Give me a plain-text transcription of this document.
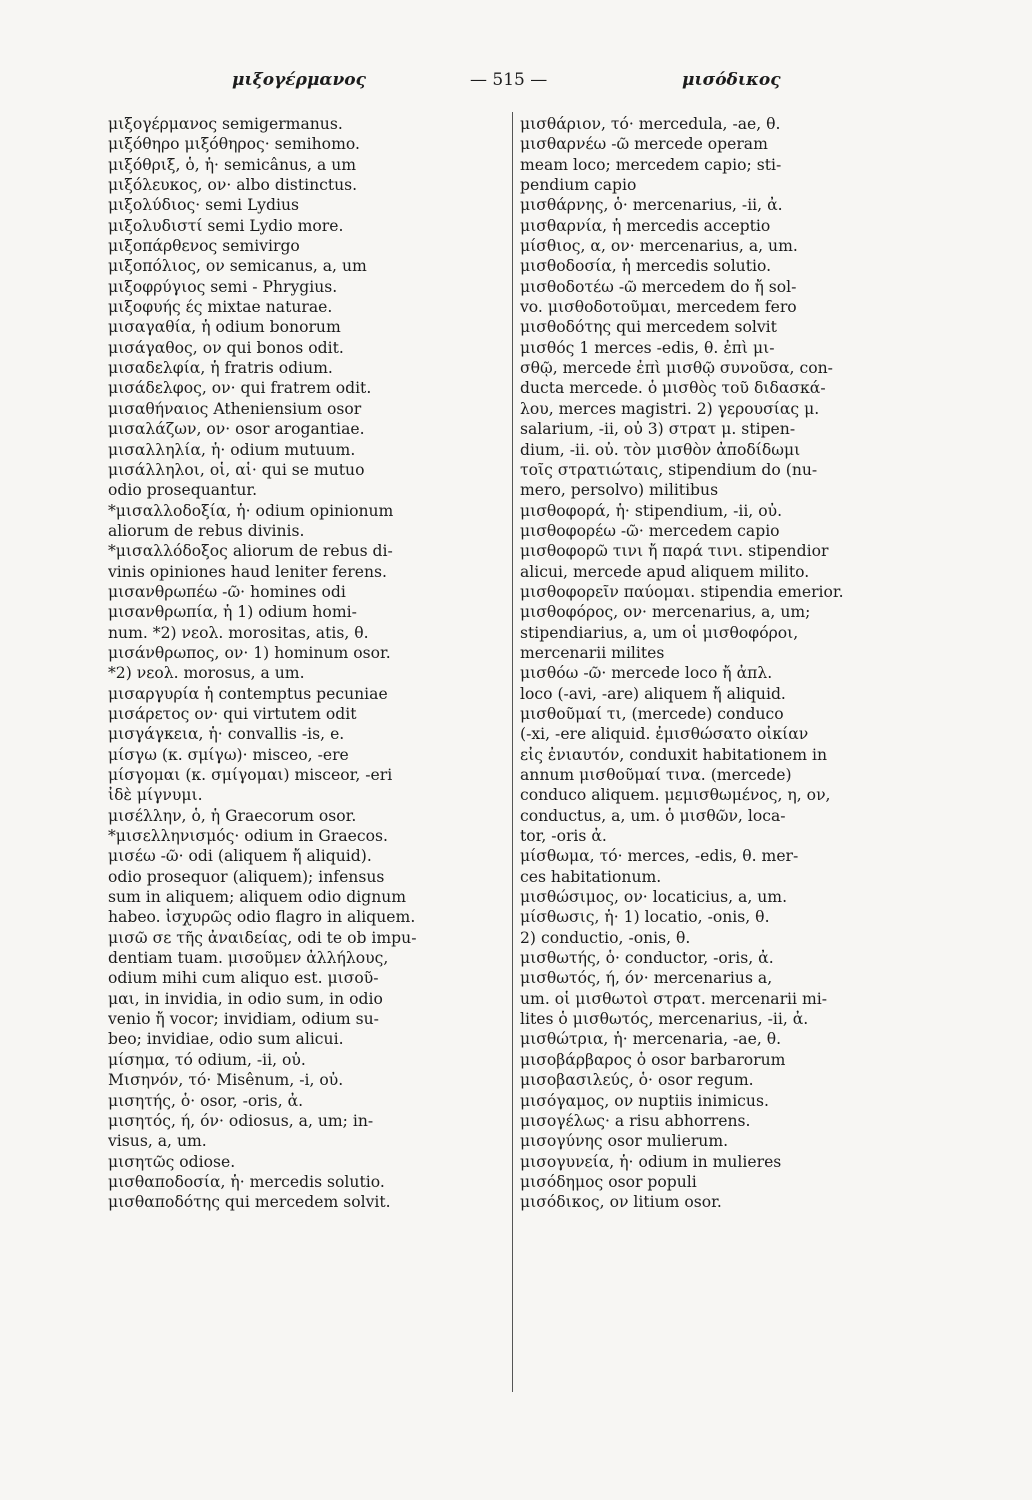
μιξογέρμανος	— 515 —	μισόδικος
μιξογέρμανος semigermanus.
μιξόθηρο μιξόθηρος· semihomo.
μιξόθριξ, ὁ, ἡ· semicânus, a um
μιξόλευκος, ον· albo distinctus.
μιξολύδιος· semi Lydius
μιξολυδιστί semi Lydio more.
μιξοπάρθενος semivirgo
μιξοπόλιος, ον semicanus, a, um
μιξοφρύγιος semi - Phrygius.
μιξοφυής ές mixtae naturae.
μισαγαθία, ἡ odium bonorum
μισάγαθος, ον qui bonos odit.
μισαδελφία, ἡ fratris odium.
μισάδελφος, ον· qui fratrem odit.
μισαθήναιος Atheniensium osor
μισαλάζων, ον· osor arogantiae.
μισαλληλία, ἡ· odium mutuum.
μισάλληλοι, οἱ, αἱ· qui se mutuo
odio prosequantur.
*μισαλλοδοξία, ἡ· odium opinionum
aliorum de rebus divinis.
*μισαλλόδοξος aliorum de rebus di-
vinis opiniones haud leniter ferens.
μισανθρωπέω -ῶ· homines odi
μισανθρωπία, ἡ 1) odium homi-
num. *2) νεολ. morositas, atis, θ.
μισάνθρωπος, ον· 1) hominum osor.
*2) νεολ. morosus, a um.
μισαργυρία ἡ contemptus pecuniae
μισάρετος ον· qui virtutem odit
μισγάγκεια, ἡ· convallis -is, e.
μίσγω (κ. σμίγω)· misceo, -ere
μίσγομαι (κ. σμίγομαι) misceor, -eri
ἰδὲ μίγνυμι.
μισέλλην, ὁ, ἡ Graecorum osor.
*μισελληνισμός· odium in Graecos.
μισέω -ῶ· odi (aliquem ἤ aliquid).
odio prosequor (aliquem); infensus
sum in aliquem; aliquem odio dignum
habeo. ἰσχυρῶς odio flagro in aliquem.
μισῶ σε τῆς ἀναιδείας, odi te ob impu-
dentiam tuam. μισοῦμεν ἀλλήλους,
odium mihi cum aliquo est. μισοῦ-
μαι, in invidia, in odio sum, in odio
venio ἤ vocor; invidiam, odium su-
beo; invidiae, odio sum alicui.
μίσημα, τό odium, -ii, οὐ.
Μισηνόν, τό· Misênum, -i, οὐ.
μισητής, ὁ· osor, -oris, ἀ.
μισητός, ή, όν· odiosus, a, um; in-
visus, a, um.
μισητῶς odiose.
μισθαποδοσία, ἡ· mercedis solutio.
μισθαποδότης qui mercedem solvit.
μισθάριον, τό· mercedula, -ae, θ.
μισθαρνέω -ῶ mercede operam
meam loco; mercedem capio; sti-
pendium capio
μισθάρνης, ὁ· mercenarius, -ii, ἀ.
μισθαρνία, ἡ mercedis acceptio
μίσθιος, α, ον· mercenarius, a, um.
μισθοδοσία, ἡ mercedis solutio.
μισθοδοτέω -ῶ mercedem do ἤ sol-
vo. μισθοδοτοῦμαι, mercedem fero
μισθοδότης qui mercedem solvit
μισθός 1 merces -edis, θ. ἐπὶ μι-
σθῷ, mercede ἐπὶ μισθῷ συνοῦσα, con-
ducta mercede. ὁ μισθὸς τοῦ διδασκά-
λου, merces magistri. 2) γερουσίας μ.
salarium, -ii, οὐ 3) στρατ μ. stipen-
dium, -ii. οὐ. τὸν μισθὸν ἀποδίδωμι
τοῖς στρατιώταις, stipendium do (nu-
mero, persolvo) militibus
μισθοφορά, ἡ· stipendium, -ii, οὐ.
μισθοφορέω -ῶ· mercedem capio
μισθοφορῶ τινι ἤ παρά τινι. stipendior
alicui, mercede apud aliquem milito.
μισθοφορεῖν παύομαι. stipendia emerior.
μισθοφόρος, ον· mercenarius, a, um;
stipendiarius, a, um οἱ μισθοφόροι,
mercenarii milites
μισθόω -ῶ· mercede loco ἤ ἀπλ.
loco (-avi, -are) aliquem ἤ aliquid.
μισθοῦμαί τι, (mercede) conduco
(-xi, -ere aliquid. ἐμισθώσατο οἰκίαν
εἰς ἐνιαυτόν, conduxit habitationem in
annum μισθοῦμαί τινα. (mercede)
conduco aliquem. μεμισθωμένος, η, ον,
conductus, a, um. ὁ μισθῶν, loca-
tor, -oris ἀ.
μίσθωμα, τό· merces, -edis, θ. mer-
ces habitationum.
μισθώσιμος, ον· locaticius, a, um.
μίσθωσις, ἡ· 1) locatio, -onis, θ.
2) conductio, -onis, θ.
μισθωτής, ὁ· conductor, -oris, ἀ.
μισθωτός, ή, όν· mercenarius a,
um. οἱ μισθωτοὶ στρατ. mercenarii mi-
lites ὁ μισθωτός, mercenarius, -ii, ἀ.
μισθώτρια, ἡ· mercenaria, -ae, θ.
μισοβάρβαρος ὁ osor barbarorum
μισοβασιλεύς, ὁ· osor regum.
μισόγαμος, ον nuptiis inimicus.
μισογέλως· a risu abhorrens.
μισογύνης osor mulierum.
μισογυνεία, ἡ· odium in mulieres
μισόδημος osor populi
μισόδικος, ον litium osor.
